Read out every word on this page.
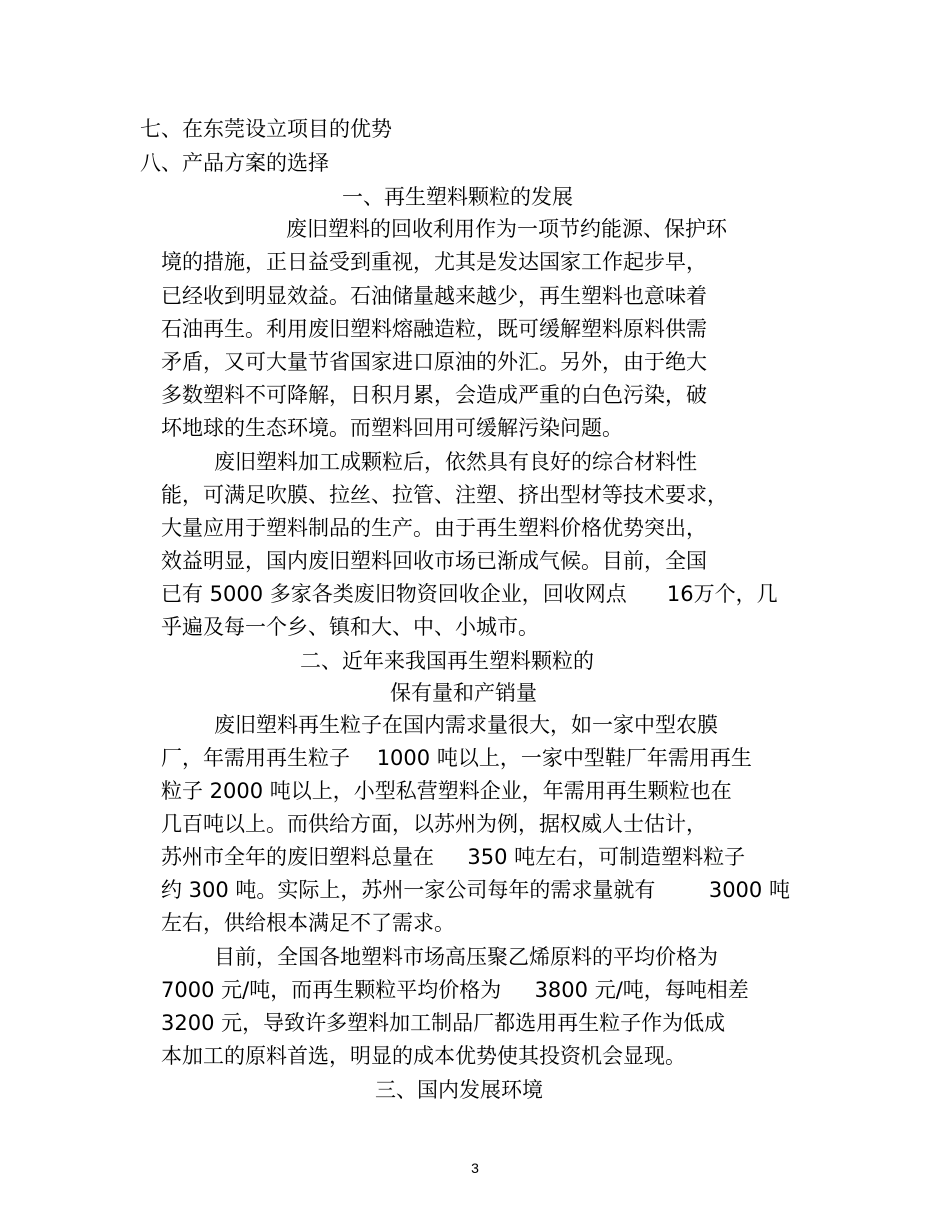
七、在东莞设立项目的优势

八、产品方案的选择

一、再生塑料颗粒的发展

废旧塑料的回收利用作为一项节约能源、保护环

境的措施，正日益受到重视，尤其是发达国家工作起步早，

已经收到明显效益。石油储量越来越少，再生塑料也意味着

石油再生。利用废旧塑料熔融造粒，既可缓解塑料原料供需

矛盾，又可大量节省国家进口原油的外汇。另外，由于绝大

多数塑料不可降解，日积月累，会造成严重的白色污染，破

坏地球的生态环境。而塑料回用可缓解污染问题。

废旧塑料加工成颗粒后，依然具有良好的综合材料性

能，可满足吹膜、拉丝、拉管、注塑、挤出型材等技术要求，

大量应用于塑料制品的生产。由于再生塑料价格优势突出，

效益明显，国内废旧塑料回收市场已渐成气候。目前，全国

已有 5000 多家各类废旧物资回收企业，回收网点      16万个，几

乎遍及每一个乡、镇和大、中、小城市。

二、近年来我国再生塑料颗粒的

保有量和产销量

废旧塑料再生粒子在国内需求量很大，如一家中型农膜

厂，年需用再生粒子    1000 吨以上，一家中型鞋厂年需用再生

粒子 2000 吨以上，小型私营塑料企业，年需用再生颗粒也在

几百吨以上。而供给方面，以苏州为例，据权威人士估计，

苏州市全年的废旧塑料总量在     350 吨左右，可制造塑料粒子

约 300 吨。实际上，苏州一家公司每年的需求量就有        3000 吨

左右，供给根本满足不了需求。

目前，全国各地塑料市场高压聚乙烯原料的平均价格为

7000 元/吨，而再生颗粒平均价格为     3800 元/吨，每吨相差

3200 元，导致许多塑料加工制品厂都选用再生粒子作为低成

本加工的原料首选，明显的成本优势使其投资机会显现。

三、国内发展环境

3
